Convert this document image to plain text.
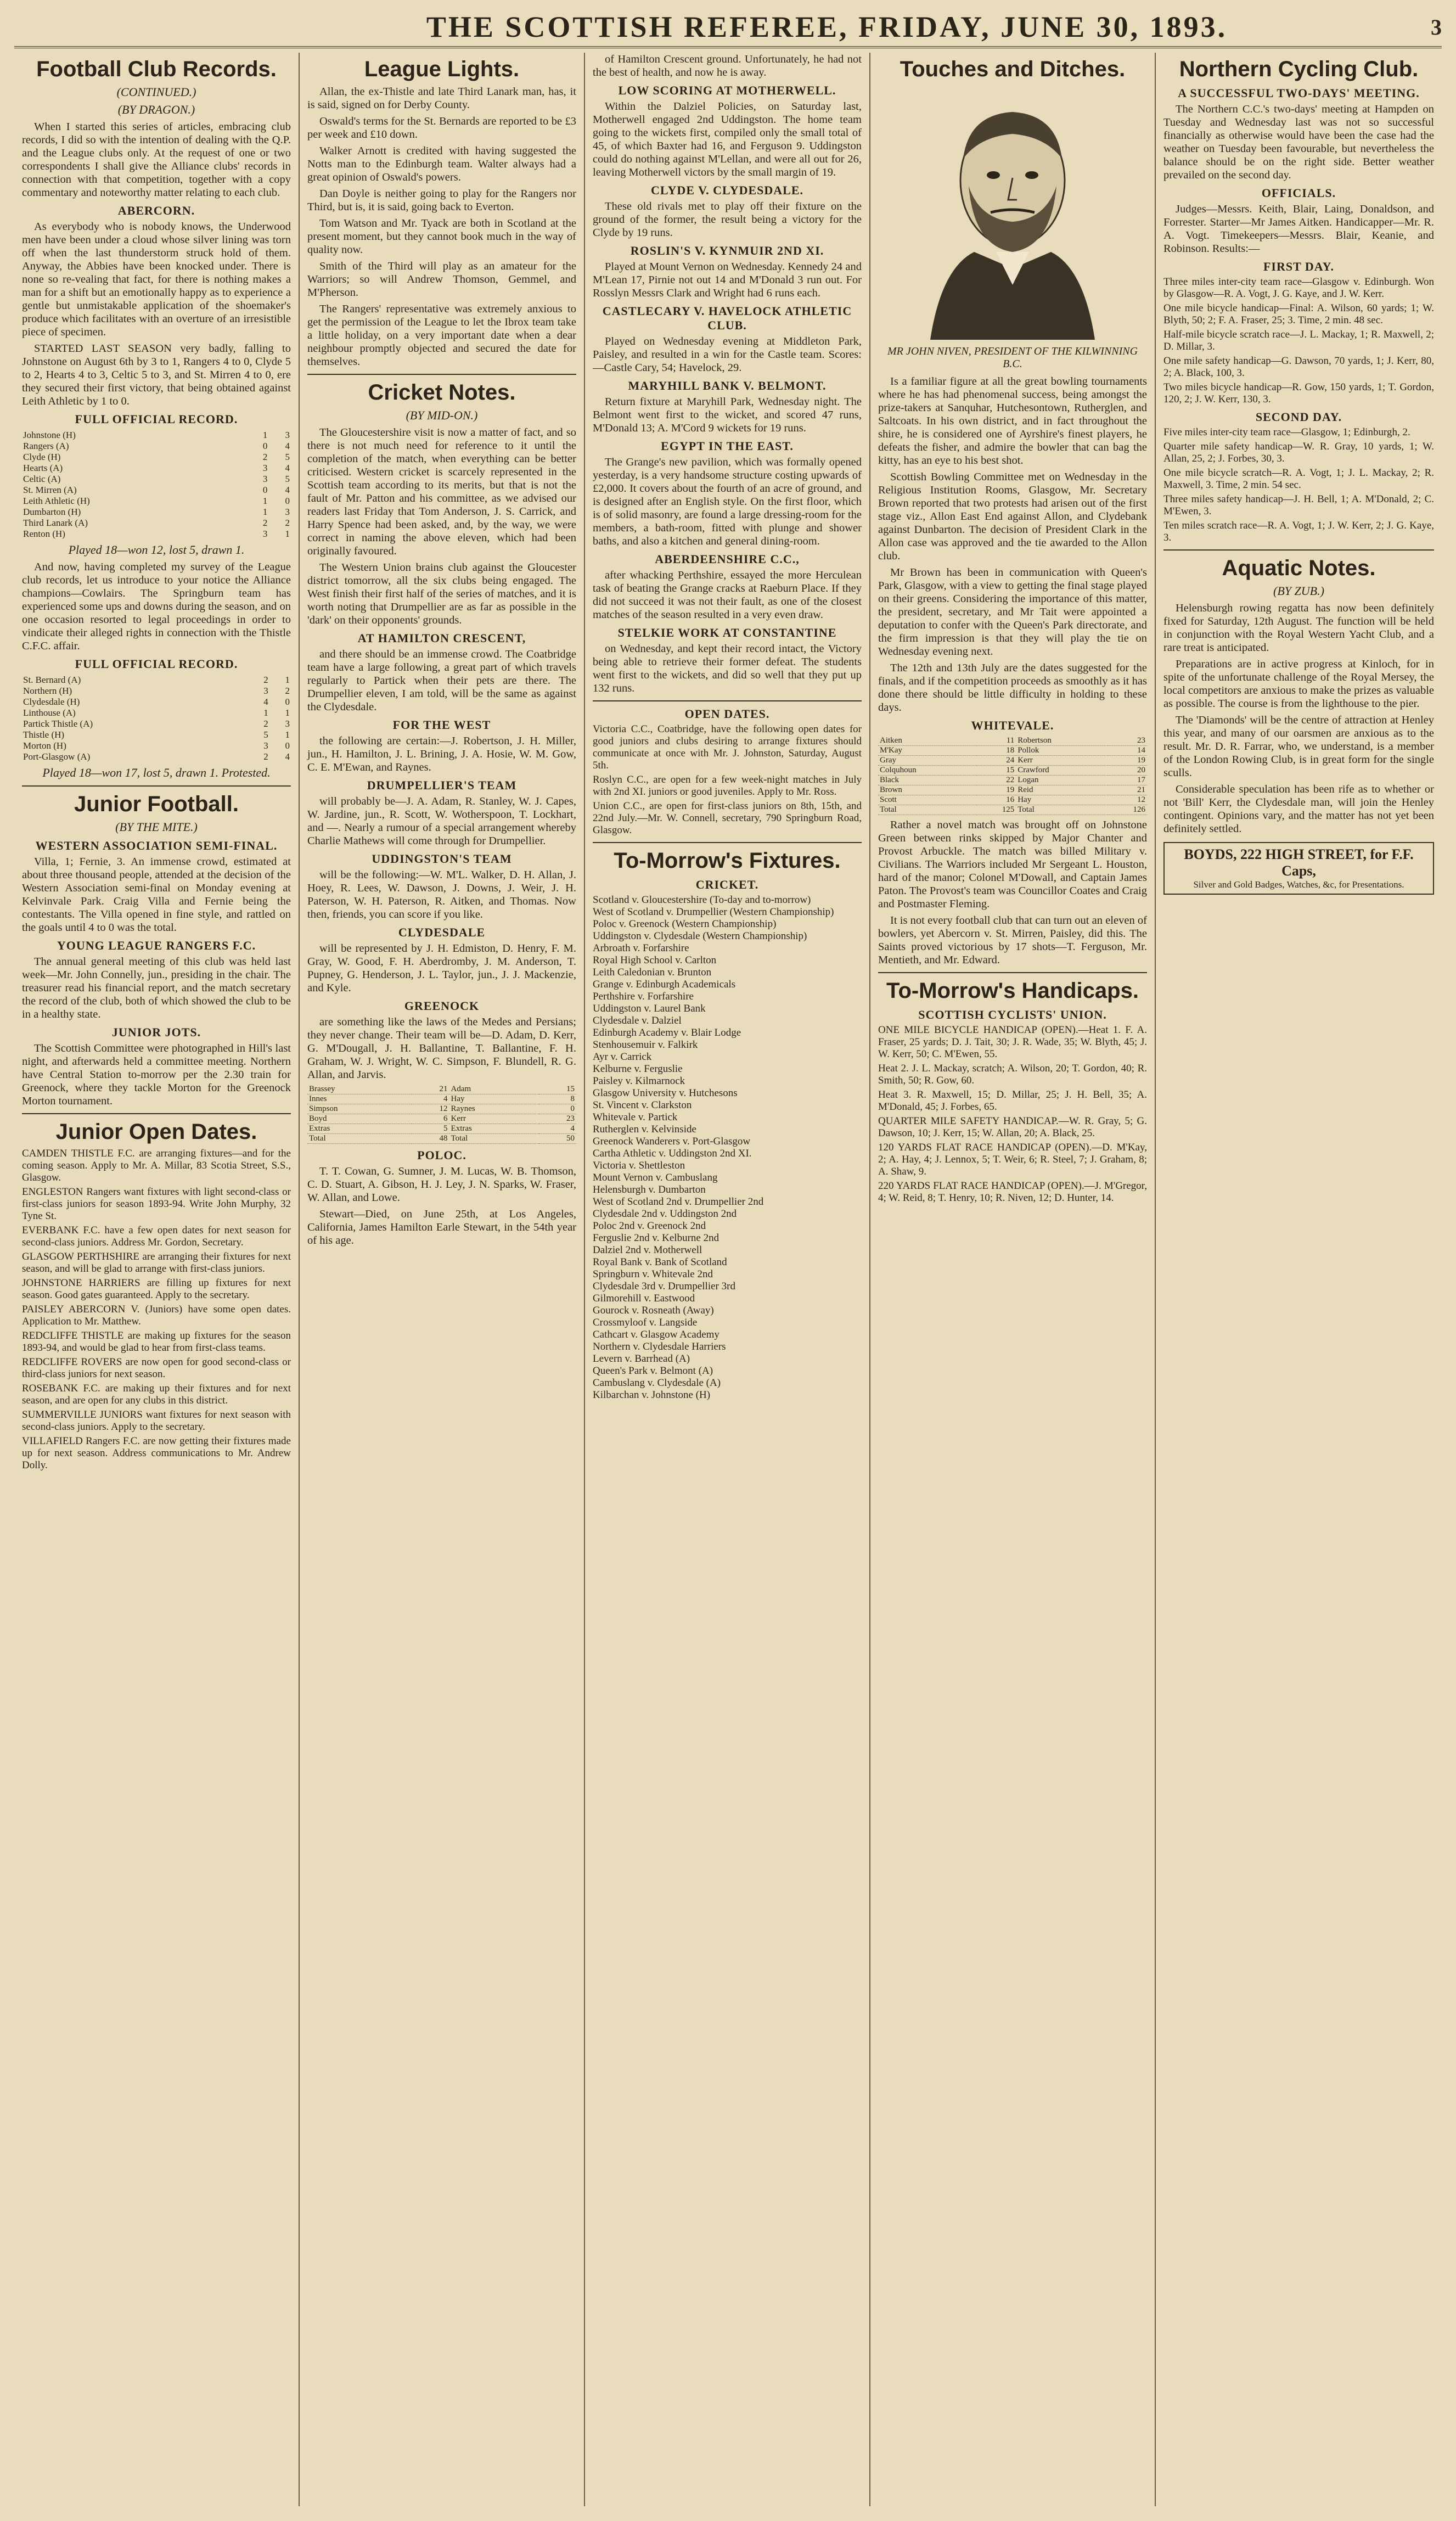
THE SCOTTISH REFEREE, FRIDAY, JUNE 30, 1893.	3
Football Club Records.
(CONTINUED.)
(BY DRAGON.)

When I started this series of articles, embracing club records, I did so with the intention of dealing with the Q.P. and the League clubs only. At the request of one or two correspondents I shall give the Alliance clubs' records in connection with that competition, together with a copy commentary and noteworthy matter relating to each club.

ABERCORN.

As everybody who is nobody knows, the Underwood men have been under a cloud whose silver lining was torn off when the last thunderstorm struck hold of them. Anyway, the Abbies have been knocked under. There is none so re-vealing that fact, for there is nothing makes a man for a shift but an emotionally happy as to experience a gentle but unmistakable application of the shoemaker's produce which facilitates with an overture of an irresistible piece of specimen.

STARTED LAST SEASON very badly, falling to Johnstone on August 6th by 3 to 1, Rangers 4 to 0, Clyde 5 to 2, Hearts 4 to 3, Celtic 5 to 3, and St. Mirren 4 to 0, ere they secured their first victory, that being obtained against Leith Athletic by 1 to 0.

FULL OFFICIAL RECORD.
Johnstone (H)	1	3
Rangers (A)	0	4
Clyde (H)	2	5
Hearts (A)	3	4
Celtic (A)	3	5
St. Mirren (A)	0	4
Leith Athletic (H)	1	0
Dumbarton (H)	1	3
Third Lanark (A)	2	2
Renton (H)	3	1
Played 18—won 12, lost 5, drawn 1.

And now, having completed my survey of the League club records, let us introduce to your notice the Alliance champions—Cowlairs. The Springburn team has experienced some ups and downs during the season, and on one occasion resorted to legal proceedings in order to vindicate their alleged rights in connection with the Thistle C.F.C. affair.

FULL OFFICIAL RECORD.
St. Bernard (A)	2	1
Northern (H)	3	2
Clydesdale (H)	4	0
Linthouse (A)	1	1
Partick Thistle (A)	2	3
Thistle (H)	5	1
Morton (H)	3	0
Port-Glasgow (A)	2	4
Played 18—won 17, lost 5, drawn 1. Protested.
Junior Football.
(BY THE MITE.)
WESTERN ASSOCIATION SEMI-FINAL.

Villa, 1; Fernie, 3. An immense crowd, estimated at about three thousand people, attended at the decision of the Western Association semi-final on Monday evening at Kelvinvale Park. Craig Villa and Fernie being the contestants. The Villa opened in fine style, and rattled on the goals until 4 to 0 was the total.

YOUNG LEAGUE RANGERS F.C.

The annual general meeting of this club was held last week—Mr. John Connelly, jun., presiding in the chair. The treasurer read his financial report, and the match secretary the record of the club, both of which showed the club to be in a healthy state.

JUNIOR JOTS.

The Scottish Committee were photographed in Hill's last night, and afterwards held a committee meeting. Northern have Central Station to-morrow per the 2.30 train for Greenock, where they tackle Morton for the Greenock Morton tournament.

Junior Open Dates.

CAMDEN THISTLE F.C. are arranging fixtures—and for the coming season. Apply to Mr. A. Millar, 83 Scotia Street, S.S., Glasgow.

ENGLESTON Rangers want fixtures with light second-class or first-class juniors for season 1893-94. Write John Murphy, 32 Tyne St.

EVERBANK F.C. have a few open dates for next season for second-class juniors. Address Mr. Gordon, Secretary.

GLASGOW PERTHSHIRE are arranging their fixtures for next season, and will be glad to arrange with first-class juniors.

JOHNSTONE HARRIERS are filling up fixtures for next season. Good gates guaranteed. Apply to the secretary.

PAISLEY ABERCORN V. (Juniors) have some open dates. Application to Mr. Matthew.

REDCLIFFE THISTLE are making up fixtures for the season 1893-94, and would be glad to hear from first-class teams.

REDCLIFFE ROVERS are now open for good second-class or third-class juniors for next season.

ROSEBANK F.C. are making up their fixtures and for next season, and are open for any clubs in this district.

SUMMERVILLE JUNIORS want fixtures for next season with second-class juniors. Apply to the secretary.

VILLAFIELD Rangers F.C. are now getting their fixtures made up for next season. Address communications to Mr. Andrew Dolly.

League Lights.

Allan, the ex-Thistle and late Third Lanark man, has, it is said, signed on for Derby County.

Oswald's terms for the St. Bernards are reported to be £3 per week and £10 down.

Walker Arnott is credited with having suggested the Notts man to the Edinburgh team. Walter always had a great opinion of Oswald's powers.

Dan Doyle is neither going to play for the Rangers nor Third, but is, it is said, going back to Everton.

Tom Watson and Mr. Tyack are both in Scotland at the present moment, but they cannot book much in the way of quality now.

Smith of the Third will play as an amateur for the Warriors; so will Andrew Thomson, Gemmel, and M'Pherson.

The Rangers' representative was extremely anxious to get the permission of the League to let the Ibrox team take a little holiday, on a very important date when a dear neighbour promptly objected and secured the date for themselves.

Cricket Notes.
(BY MID-ON.)

The Gloucestershire visit is now a matter of fact, and so there is not much need for reference to it until the completion of the match, when everything can be better criticised. Western cricket is scarcely represented in the Scottish team according to its merits, but that is not the fault of Mr. Patton and his committee, as we advised our readers last Friday that Tom Anderson, J. S. Carrick, and Harry Spence had been asked, and, by the way, we were correct in naming the above eleven, which had been originally favoured.

The Western Union brains club against the Gloucester district tomorrow, all the six clubs being engaged. The West finish their first half of the series of matches, and it is worth noting that Drumpellier are as far as possible in the 'dark' on their opponents' grounds.

AT HAMILTON CRESCENT,

and there should be an immense crowd. The Coatbridge team have a large following, a great part of which travels regularly to Partick when their pets are there. The Drumpellier eleven, I am told, will be the same as against the Clydesdale.

FOR THE WEST

the following are certain:—J. Robertson, J. H. Miller, jun., H. Hamilton, J. L. Brining, J. A. Hosie, W. M. Gow, C. E. M'Ewan, and Raynes.

DRUMPELLIER'S TEAM

will probably be—J. A. Adam, R. Stanley, W. J. Capes, W. Jardine, jun., R. Scott, W. Wotherspoon, T. Lockhart, and —. Nearly a rumour of a special arrangement whereby Charlie Mathews will come through for Drumpellier.

UDDINGSTON'S TEAM

will be the following:—W. M'L. Walker, D. H. Allan, J. Hoey, R. Lees, W. Dawson, J. Downs, J. Weir, J. H. Paterson, W. H. Paterson, R. Aitken, and Thomas. Now then, friends, you can score if you like.

CLYDESDALE

will be represented by J. H. Edmiston, D. Henry, F. M. Gray, W. Good, F. H. Aberdromby, J. M. Anderson, T. Pupney, G. Henderson, J. L. Taylor, jun., J. J. Mackenzie, and Kyle.

GREENOCK

are something like the laws of the Medes and Persians; they never change. Their team will be—D. Adam, D. Kerr, G. M'Dougall, J. H. Ballantine, T. Ballantine, F. H. Graham, W. J. Wright, W. C. Simpson, F. Blundell, R. G. Allan, and Jarvis.

Brassey	21	Adam	15
Innes	4	Hay	8
Simpson	12	Raynes	0
Boyd	6	Kerr	23
Extras	5	Extras	4
Total	48	Total	50
POLOC.

T. T. Cowan, G. Sumner, J. M. Lucas, W. B. Thomson, C. D. Stuart, A. Gibson, H. J. Ley, J. N. Sparks, W. Fraser, W. Allan, and Lowe.

Stewart—Died, on June 25th, at Los Angeles, California, James Hamilton Earle Stewart, in the 54th year of his age.

of Hamilton Crescent ground. Unfortunately, he had not the best of health, and now he is away.

LOW SCORING AT MOTHERWELL.

Within the Dalziel Policies, on Saturday last, Motherwell engaged 2nd Uddingston. The home team going to the wickets first, compiled only the small total of 45, of which Baxter had 16, and Ferguson 9. Uddingston could do nothing against M'Lellan, and were all out for 26, leaving Motherwell victors by the small margin of 19.

CLYDE V. CLYDESDALE.

These old rivals met to play off their fixture on the ground of the former, the result being a victory for the Clyde by 19 runs.

ROSLIN'S V. KYNMUIR 2ND XI.

Played at Mount Vernon on Wednesday. Kennedy 24 and M'Lean 17, Pirnie not out 14 and M'Donald 3 run out. For Rosslyn Messrs Clark and Wright had 6 runs each.

CASTLECARY V. HAVELOCK ATHLETIC CLUB.

Played on Wednesday evening at Middleton Park, Paisley, and resulted in a win for the Castle team. Scores:—Castle Cary, 54; Havelock, 29.

MARYHILL BANK V. BELMONT.

Return fixture at Maryhill Park, Wednesday night. The Belmont went first to the wicket, and scored 47 runs, M'Donald 13; A. M'Cord 9 wickets for 19 runs.

EGYPT IN THE EAST.

The Grange's new pavilion, which was formally opened yesterday, is a very handsome structure costing upwards of £2,000. It covers about the fourth of an acre of ground, and is designed after an English style. On the first floor, which is of solid masonry, are found a large dressing-room for the members, a bath-room, fitted with plunge and shower baths, and also a kitchen and general dining-room.

ABERDEENSHIRE C.C.,

after whacking Perthshire, essayed the more Herculean task of beating the Grange cracks at Raeburn Place. If they did not succeed it was not their fault, as one of the closest matches of the season resulted in a very even draw.

STELKIE WORK AT CONSTANTINE

on Wednesday, and kept their record intact, the Victory being able to retrieve their former defeat. The students went first to the wickets, and did so well that they put up 132 runs.

OPEN DATES.

Victoria C.C., Coatbridge, have the following open dates for good juniors and clubs desiring to arrange fixtures should communicate at once with Mr. J. Johnston, Saturday, August 5th.

Roslyn C.C., are open for a few week-night matches in July with 2nd XI. juniors or good juveniles. Apply to Mr. Ross.

Union C.C., are open for first-class juniors on 8th, 15th, and 22nd July.—Mr. W. Connell, secretary, 790 Springburn Road, Glasgow.

To-Morrow's Fixtures.
CRICKET.
Scotland v. Gloucestershire (To-day and to-morrow)
West of Scotland v. Drumpellier (Western Championship)
Poloc v. Greenock (Western Championship)
Uddingston v. Clydesdale (Western Championship)
Arbroath v. Forfarshire
Royal High School v. Carlton
Leith Caledonian v. Brunton
Grange v. Edinburgh Academicals
Perthshire v. Forfarshire
Uddingston v. Laurel Bank
Clydesdale v. Dalziel
Edinburgh Academy v. Blair Lodge
Stenhousemuir v. Falkirk
Ayr v. Carrick
Kelburne v. Ferguslie
Paisley v. Kilmarnock
Glasgow University v. Hutchesons
St. Vincent v. Clarkston
Whitevale v. Partick
Rutherglen v. Kelvinside
Greenock Wanderers v. Port-Glasgow
Cartha Athletic v. Uddingston 2nd XI.
Victoria v. Shettleston
Mount Vernon v. Cambuslang
Helensburgh v. Dumbarton
West of Scotland 2nd v. Drumpellier 2nd
Clydesdale 2nd v. Uddingston 2nd
Poloc 2nd v. Greenock 2nd
Ferguslie 2nd v. Kelburne 2nd
Dalziel 2nd v. Motherwell
Royal Bank v. Bank of Scotland
Springburn v. Whitevale 2nd
Clydesdale 3rd v. Drumpellier 3rd
Gilmorehill v. Eastwood
Gourock v. Rosneath (Away)
Crossmyloof v. Langside
Cathcart v. Glasgow Academy
Northern v. Clydesdale Harriers
Levern v. Barrhead (A)
Queen's Park v. Belmont (A)
Cambuslang v. Clydesdale (A)
Kilbarchan v. Johnstone (H)
Touches and Ditches.
MR JOHN NIVEN, PRESIDENT OF THE KILWINNING B.C.

Is a familiar figure at all the great bowling tournaments where he has had phenomenal success, being amongst the prize-takers at Sanquhar, Hutchesontown, Rutherglen, and Saltcoats. In his own district, and in fact throughout the shire, he is considered one of Ayrshire's finest players, he defeats the fisher, and admire the bowler that can bag the kitty, has an eye to his best shot.

Scottish Bowling Committee met on Wednesday in the Religious Institution Rooms, Glasgow, Mr. Secretary Brown reported that two protests had arisen out of the first stage viz., Allon East End against Allon, and Clydebank against Dunbarton. The decision of President Clark in the Allon case was approved and the tie awarded to the Allon club.

Mr Brown has been in communication with Queen's Park, Glasgow, with a view to getting the final stage played on their greens. Considering the importance of this matter, the president, secretary, and Mr Tait were appointed a deputation to confer with the Queen's Park directorate, and the firm impression is that they will play the tie on Wednesday evening next.

The 12th and 13th July are the dates suggested for the finals, and if the competition proceeds as smoothly as it has done there should be little difficulty in holding to these days.

WHITEVALE.
Aitken	11	Robertson	23
M'Kay	18	Pollok	14
Gray	24	Kerr	19
Colquhoun	15	Crawford	20
Black	22	Logan	17
Brown	19	Reid	21
Scott	16	Hay	12
Total	125	Total	126

Rather a novel match was brought off on Johnstone Green between rinks skipped by Major Chanter and Provost Arbuckle. The match was billed Military v. Civilians. The Warriors included Mr Sergeant L. Houston, hard of the manor; Colonel M'Dowall, and Captain James Paton. The Provost's team was Councillor Coates and Craig and Postmaster Fleming.

It is not every football club that can turn out an eleven of bowlers, yet Abercorn v. St. Mirren, Paisley, did this. The Saints proved victorious by 17 shots—T. Ferguson, Mr. Mentieth, and Mr. Edward.

To-Morrow's Handicaps.
SCOTTISH CYCLISTS' UNION.

ONE MILE BICYCLE HANDICAP (OPEN).—Heat 1. F. A. Fraser, 25 yards; D. J. Tait, 30; J. R. Wade, 35; W. Blyth, 45; J. W. Kerr, 50; C. M'Ewen, 55.

Heat 2. J. L. Mackay, scratch; A. Wilson, 20; T. Gordon, 40; R. Smith, 50; R. Gow, 60.

Heat 3. R. Maxwell, 15; D. Millar, 25; J. H. Bell, 35; A. M'Donald, 45; J. Forbes, 65.

QUARTER MILE SAFETY HANDICAP.—W. R. Gray, 5; G. Dawson, 10; J. Kerr, 15; W. Allan, 20; A. Black, 25.

120 YARDS FLAT RACE HANDICAP (OPEN).—D. M'Kay, 2; A. Hay, 4; J. Lennox, 5; T. Weir, 6; R. Steel, 7; J. Graham, 8; A. Shaw, 9.

220 YARDS FLAT RACE HANDICAP (OPEN).—J. M'Gregor, 4; W. Reid, 8; T. Henry, 10; R. Niven, 12; D. Hunter, 14.

Northern Cycling Club.
A SUCCESSFUL TWO-DAYS' MEETING.

The Northern C.C.'s two-days' meeting at Hampden on Tuesday and Wednesday last was not so successful financially as otherwise would have been the case had the weather on Tuesday been favourable, but nevertheless the balance should be on the right side. Better weather prevailed on the second day.

OFFICIALS.

Judges—Messrs. Keith, Blair, Laing, Donaldson, and Forrester. Starter—Mr James Aitken. Handicapper—Mr. R. A. Vogt. Timekeepers—Messrs. Blair, Keanie, and Robinson. Results:—

FIRST DAY.

Three miles inter-city team race—Glasgow v. Edinburgh. Won by Glasgow—R. A. Vogt, J. G. Kaye, and J. W. Kerr.

One mile bicycle handicap—Final: A. Wilson, 60 yards; 1; W. Blyth, 50; 2; F. A. Fraser, 25; 3. Time, 2 min. 48 sec.

Half-mile bicycle scratch race—J. L. Mackay, 1; R. Maxwell, 2; D. Millar, 3.

One mile safety handicap—G. Dawson, 70 yards, 1; J. Kerr, 80, 2; A. Black, 100, 3.

Two miles bicycle handicap—R. Gow, 150 yards, 1; T. Gordon, 120, 2; J. W. Kerr, 130, 3.

SECOND DAY.

Five miles inter-city team race—Glasgow, 1; Edinburgh, 2.

Quarter mile safety handicap—W. R. Gray, 10 yards, 1; W. Allan, 25, 2; J. Forbes, 30, 3.

One mile bicycle scratch—R. A. Vogt, 1; J. L. Mackay, 2; R. Maxwell, 3. Time, 2 min. 54 sec.

Three miles safety handicap—J. H. Bell, 1; A. M'Donald, 2; C. M'Ewen, 3.

Ten miles scratch race—R. A. Vogt, 1; J. W. Kerr, 2; J. G. Kaye, 3.

Aquatic Notes.
(BY ZUB.)

Helensburgh rowing regatta has now been definitely fixed for Saturday, 12th August. The function will be held in conjunction with the Royal Western Yacht Club, and a rare treat is anticipated.

Preparations are in active progress at Kinloch, for in spite of the unfortunate challenge of the Royal Mersey, the local competitors are anxious to make the prizes as valuable as possible. The course is from the lighthouse to the pier.

The 'Diamonds' will be the centre of attraction at Henley this year, and many of our oarsmen are anxious as to the result. Mr. D. R. Farrar, who, we understand, is a member of the London Rowing Club, is in great form for the single sculls.

Considerable speculation has been rife as to whether or not 'Bill' Kerr, the Clydesdale man, will join the Henley contingent. Opinions vary, and the matter has not yet been definitely settled.

BOYDS, 222 HIGH STREET, for F.F. Caps,
Silver and Gold Badges, Watches, &c, for Presentations.
